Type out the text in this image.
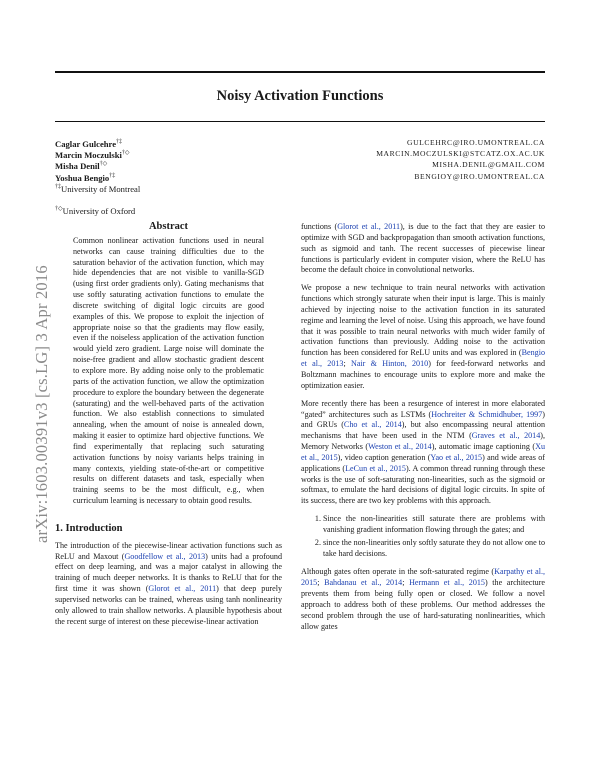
Noisy Activation Functions
Caglar Gulcehre†‡	GULCEHRC@IRO.UMONTREAL.CA
Marcin Moczulski†◇	MARCIN.MOCZULSKI@STCATZ.OX.AC.UK
Misha Denil†◇	MISHA.DENIL@GMAIL.COM
Yoshua Bengio†‡	BENGIOY@IRO.UMONTREAL.CA
†‡University of Montreal
†◇University of Oxford
arXiv:1603.00391v3 [cs.LG] 3 Apr 2016
Abstract
Common nonlinear activation functions used in neural networks can cause training difficulties due to the saturation behavior of the activation function, which may hide dependencies that are not visible to vanilla-SGD (using first order gradients only). Gating mechanisms that use softly saturating activation functions to emulate the discrete switching of digital logic circuits are good examples of this. We propose to exploit the injection of appropriate noise so that the gradients may flow easily, even if the noiseless application of the activation function would yield zero gradient. Large noise will dominate the noise-free gradient and allow stochastic gradient descent to explore more. By adding noise only to the problematic parts of the activation function, we allow the optimization procedure to explore the boundary between the degenerate (saturating) and the well-behaved parts of the activation function. We also establish connections to simulated annealing, when the amount of noise is annealed down, making it easier to optimize hard objective functions. We find experimentally that replacing such saturating activation functions by noisy variants helps training in many contexts, yielding state-of-the-art or competitive results on different datasets and task, especially when training seems to be the most difficult, e.g., when curriculum learning is necessary to obtain good results.
1. Introduction

The introduction of the piecewise-linear activation functions such as ReLU and Maxout (Goodfellow et al., 2013) units had a profound effect on deep learning, and was a major catalyst in allowing the training of much deeper networks. It is thanks to ReLU that for the first time it was shown (Glorot et al., 2011) that deep purely supervised networks can be trained, whereas using tanh nonlinearity only allowed to train shallow networks. A plausible hypothesis about the recent surge of interest on these piecewise-linear activation

functions (Glorot et al., 2011), is due to the fact that they are easier to optimize with SGD and backpropagation than smooth activation functions, such as sigmoid and tanh. The recent successes of piecewise linear functions is particularly evident in computer vision, where the ReLU has become the default choice in convolutional networks.

We propose a new technique to train neural networks with activation functions which strongly saturate when their input is large. This is mainly achieved by injecting noise to the activation function in its saturated regime and learning the level of noise. Using this approach, we have found that it was possible to train neural networks with much wider family of activation functions than previously. Adding noise to the activation function has been considered for ReLU units and was explored in (Bengio et al., 2013; Nair & Hinton, 2010) for feed-forward networks and Boltzmann machines to encourage units to explore more and make the optimization easier.

More recently there has been a resurgence of interest in more elaborated “gated” architectures such as LSTMs (Hochreiter & Schmidhuber, 1997) and GRUs (Cho et al., 2014), but also encompassing neural attention mechanisms that have been used in the NTM (Graves et al., 2014), Memory Networks (Weston et al., 2014), automatic image captioning (Xu et al., 2015), video caption generation (Yao et al., 2015) and wide areas of applications (LeCun et al., 2015). A common thread running through these works is the use of soft-saturating non-linearities, such as the sigmoid or softmax, to emulate the hard decisions of digital logic circuits. In spite of its success, there are two key problems with this approach.

1. Since the non-linearities still saturate there are problems with vanishing gradient information flowing through the gates; and
2. since the non-linearities only softly saturate they do not allow one to take hard decisions.

Although gates often operate in the soft-saturated regime (Karpathy et al., 2015; Bahdanau et al., 2014; Hermann et al., 2015) the architecture prevents them from being fully open or closed. We follow a novel approach to address both of these problems. Our method addresses the second problem through the use of hard-saturating nonlinearities, which allow gates
